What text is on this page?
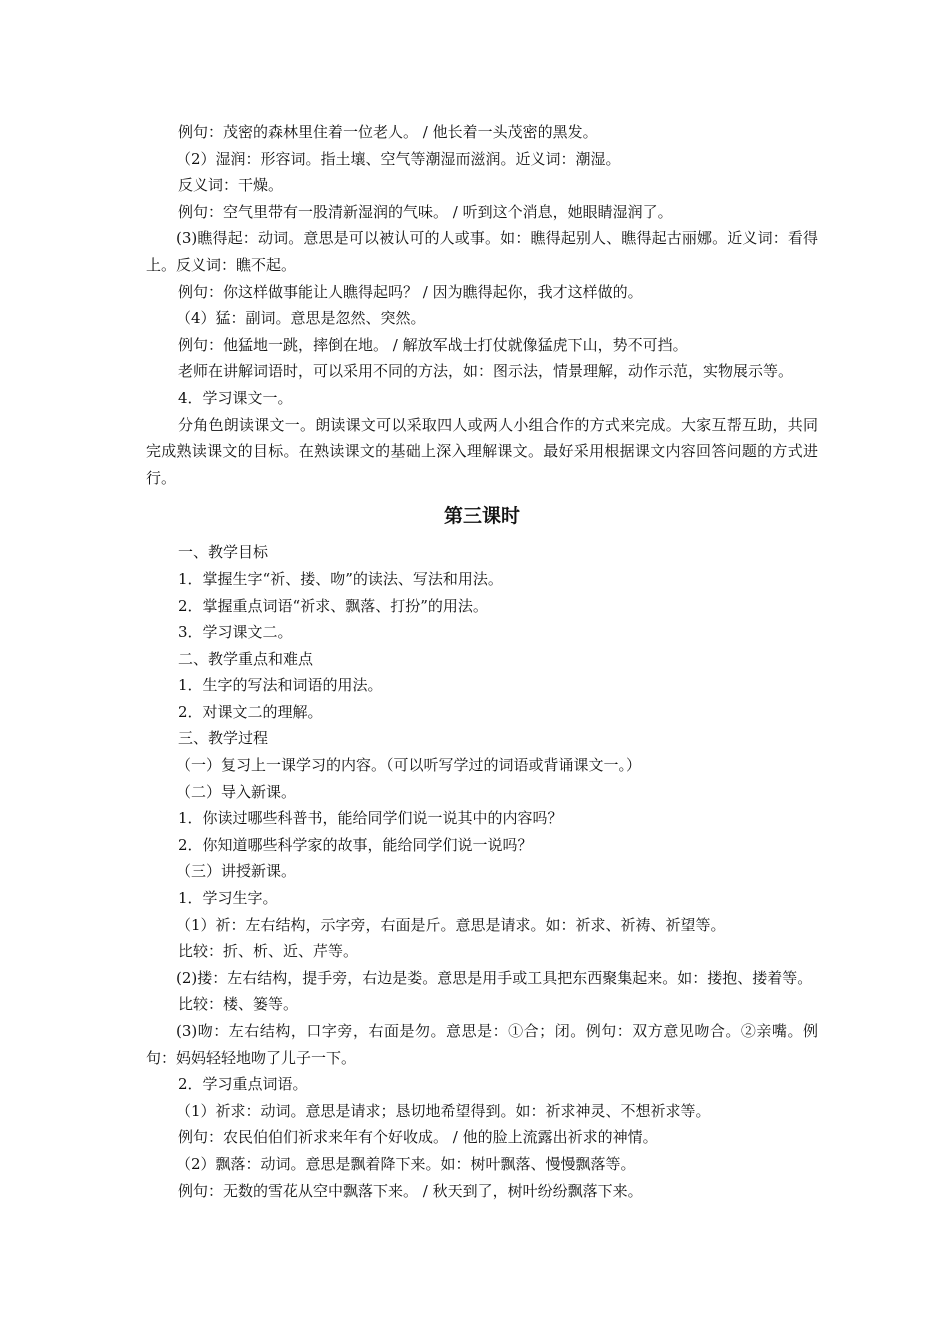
例句：茂密的森林里住着一位老人。 / 他长着一头茂密的黑发。

（2）湿润：形容词。指土壤、空气等潮湿而滋润。近义词：潮湿。

反义词：干燥。

例句：空气里带有一股清新湿润的气味。 / 听到这个消息，她眼睛湿润了。

(3)瞧得起：动词。意思是可以被认可的人或事。如：瞧得起别人、瞧得起古丽娜。近义词：看得上。反义词：瞧不起。

例句：你这样做事能让人瞧得起吗？ / 因为瞧得起你，我才这样做的。

（4）猛：副词。意思是忽然、突然。

例句：他猛地一跳，摔倒在地。 / 解放军战士打仗就像猛虎下山，势不可挡。

老师在讲解词语时，可以采用不同的方法，如：图示法，情景理解，动作示范，实物展示等。

4．学习课文一。

分角色朗读课文一。朗读课文可以采取四人或两人小组合作的方式来完成。大家互帮互助，共同完成熟读课文的目标。在熟读课文的基础上深入理解课文。最好采用根据课文内容回答问题的方式进行。

第三课时

一、教学目标

1．掌握生字“祈、搂、吻”的读法、写法和用法。

2．掌握重点词语“祈求、飘落、打扮”的用法。

3．学习课文二。

二、教学重点和难点

1．生字的写法和词语的用法。

2．对课文二的理解。

三、教学过程

（一）复习上一课学习的内容。（可以听写学过的词语或背诵课文一。）

（二）导入新课。

1．你读过哪些科普书，能给同学们说一说其中的内容吗？

2．你知道哪些科学家的故事，能给同学们说一说吗？

（三）讲授新课。

1．学习生字。

（1）祈：左右结构，示字旁，右面是斤。意思是请求。如：祈求、祈祷、祈望等。

比较：折、析、近、芹等。

(2)搂：左右结构，提手旁，右边是娄。意思是用手或工具把东西聚集起来。如：搂抱、搂着等。

比较：楼、篓等。

(3)吻：左右结构，口字旁，右面是勿。意思是：①合；闭。例句：双方意见吻合。②亲嘴。例句：妈妈轻轻地吻了儿子一下。

2．学习重点词语。

（1）祈求：动词。意思是请求；恳切地希望得到。如：祈求神灵、不想祈求等。

例句：农民伯伯们祈求来年有个好收成。 / 他的脸上流露出祈求的神情。

（2）飘落：动词。意思是飘着降下来。如：树叶飘落、慢慢飘落等。

例句：无数的雪花从空中飘落下来。 / 秋天到了，树叶纷纷飘落下来。
